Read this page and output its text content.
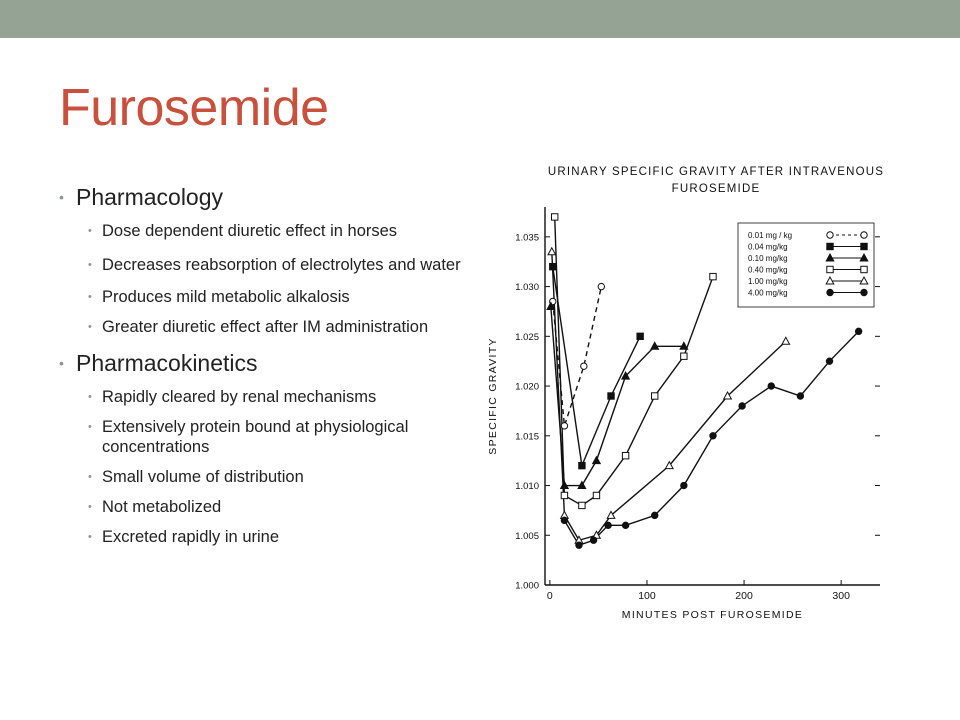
Furosemide
• Pharmacology
• Dose dependent diuretic effect in horses
• Decreases reabsorption of electrolytes and water
• Produces mild metabolic alkalosis
• Greater diuretic effect after IM administration
• Pharmacokinetics
• Rapidly cleared by renal mechanisms
• Extensively protein bound at physiological concentrations
• Small volume of distribution
• Not metabolized
• Excreted rapidly in urine
URINARY SPECIFIC GRAVITY AFTER INTRAVENOUS
FUROSEMIDE
1.000
1.005
1.010
1.015
1.020
1.025
1.030
1.035
0	100	200	300
MINUTES POST FUROSEMIDE
SPECIFIC GRAVITY
0.01 mg / kg
0.04 mg/kg
0.10 mg/kg
0.40 mg/kg
1.00 mg/kg
4.00 mg/kg
